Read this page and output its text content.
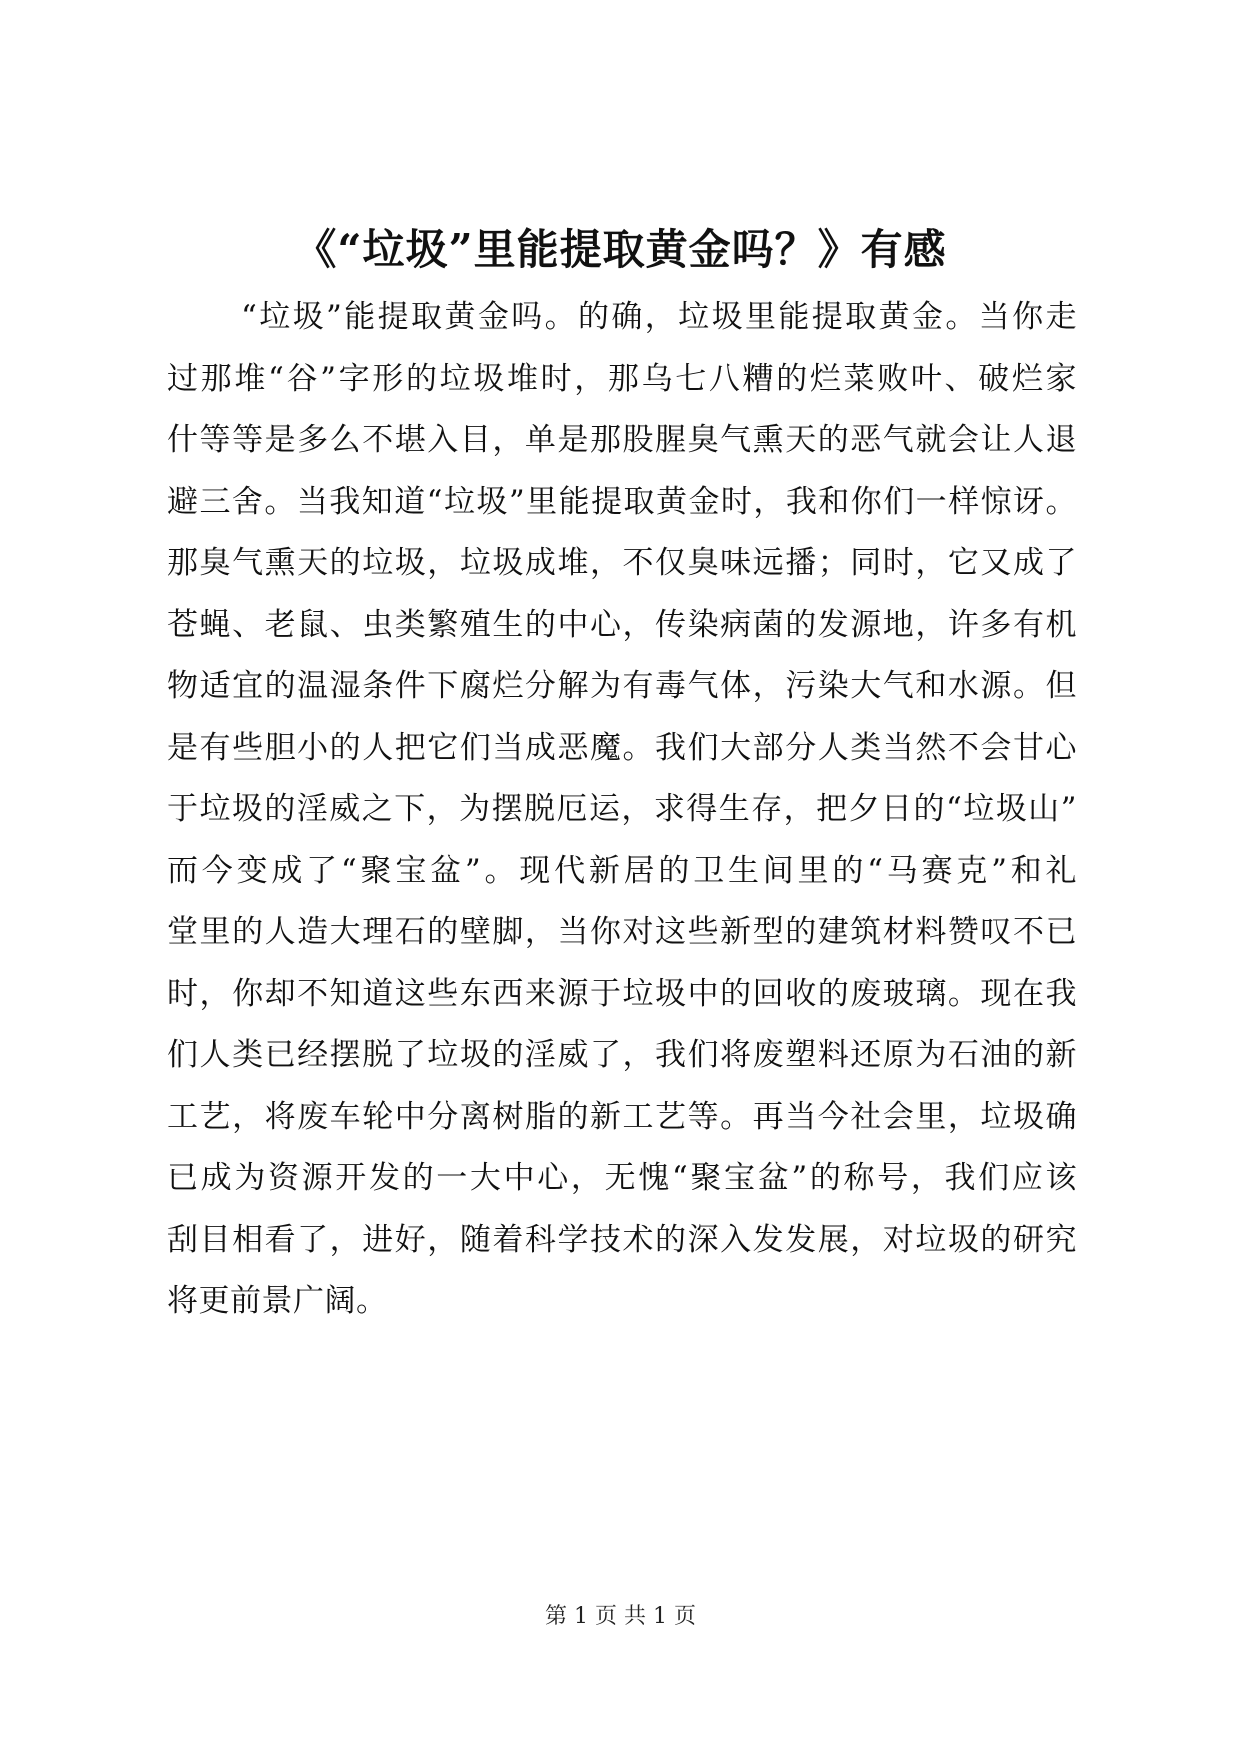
《“垃圾”里能提取黄金吗？》有感
“垃圾”能提取黄金吗。的确，垃圾里能提取黄金。当你走
过那堆“谷”字形的垃圾堆时，那乌七八糟的烂菜败叶、破烂家
什等等是多么不堪入目，单是那股腥臭气熏天的恶气就会让人退
避三舍。当我知道“垃圾”里能提取黄金时，我和你们一样惊讶。
那臭气熏天的垃圾，垃圾成堆，不仅臭味远播；同时，它又成了
苍蝇、老鼠、虫类繁殖生的中心，传染病菌的发源地，许多有机
物适宜的温湿条件下腐烂分解为有毒气体，污染大气和水源。但
是有些胆小的人把它们当成恶魔。我们大部分人类当然不会甘心
于垃圾的淫威之下，为摆脱厄运，求得生存，把夕日的“垃圾山”
而今变成了“聚宝盆”。现代新居的卫生间里的“马赛克”和礼
堂里的人造大理石的壁脚，当你对这些新型的建筑材料赞叹不已
时，你却不知道这些东西来源于垃圾中的回收的废玻璃。现在我
们人类已经摆脱了垃圾的淫威了，我们将废塑料还原为石油的新
工艺，将废车轮中分离树脂的新工艺等。再当今社会里，垃圾确
已成为资源开发的一大中心，无愧“聚宝盆”的称号，我们应该
刮目相看了，进好，随着科学技术的深入发发展，对垃圾的研究
将更前景广阔。
第 1 页 共 1 页
